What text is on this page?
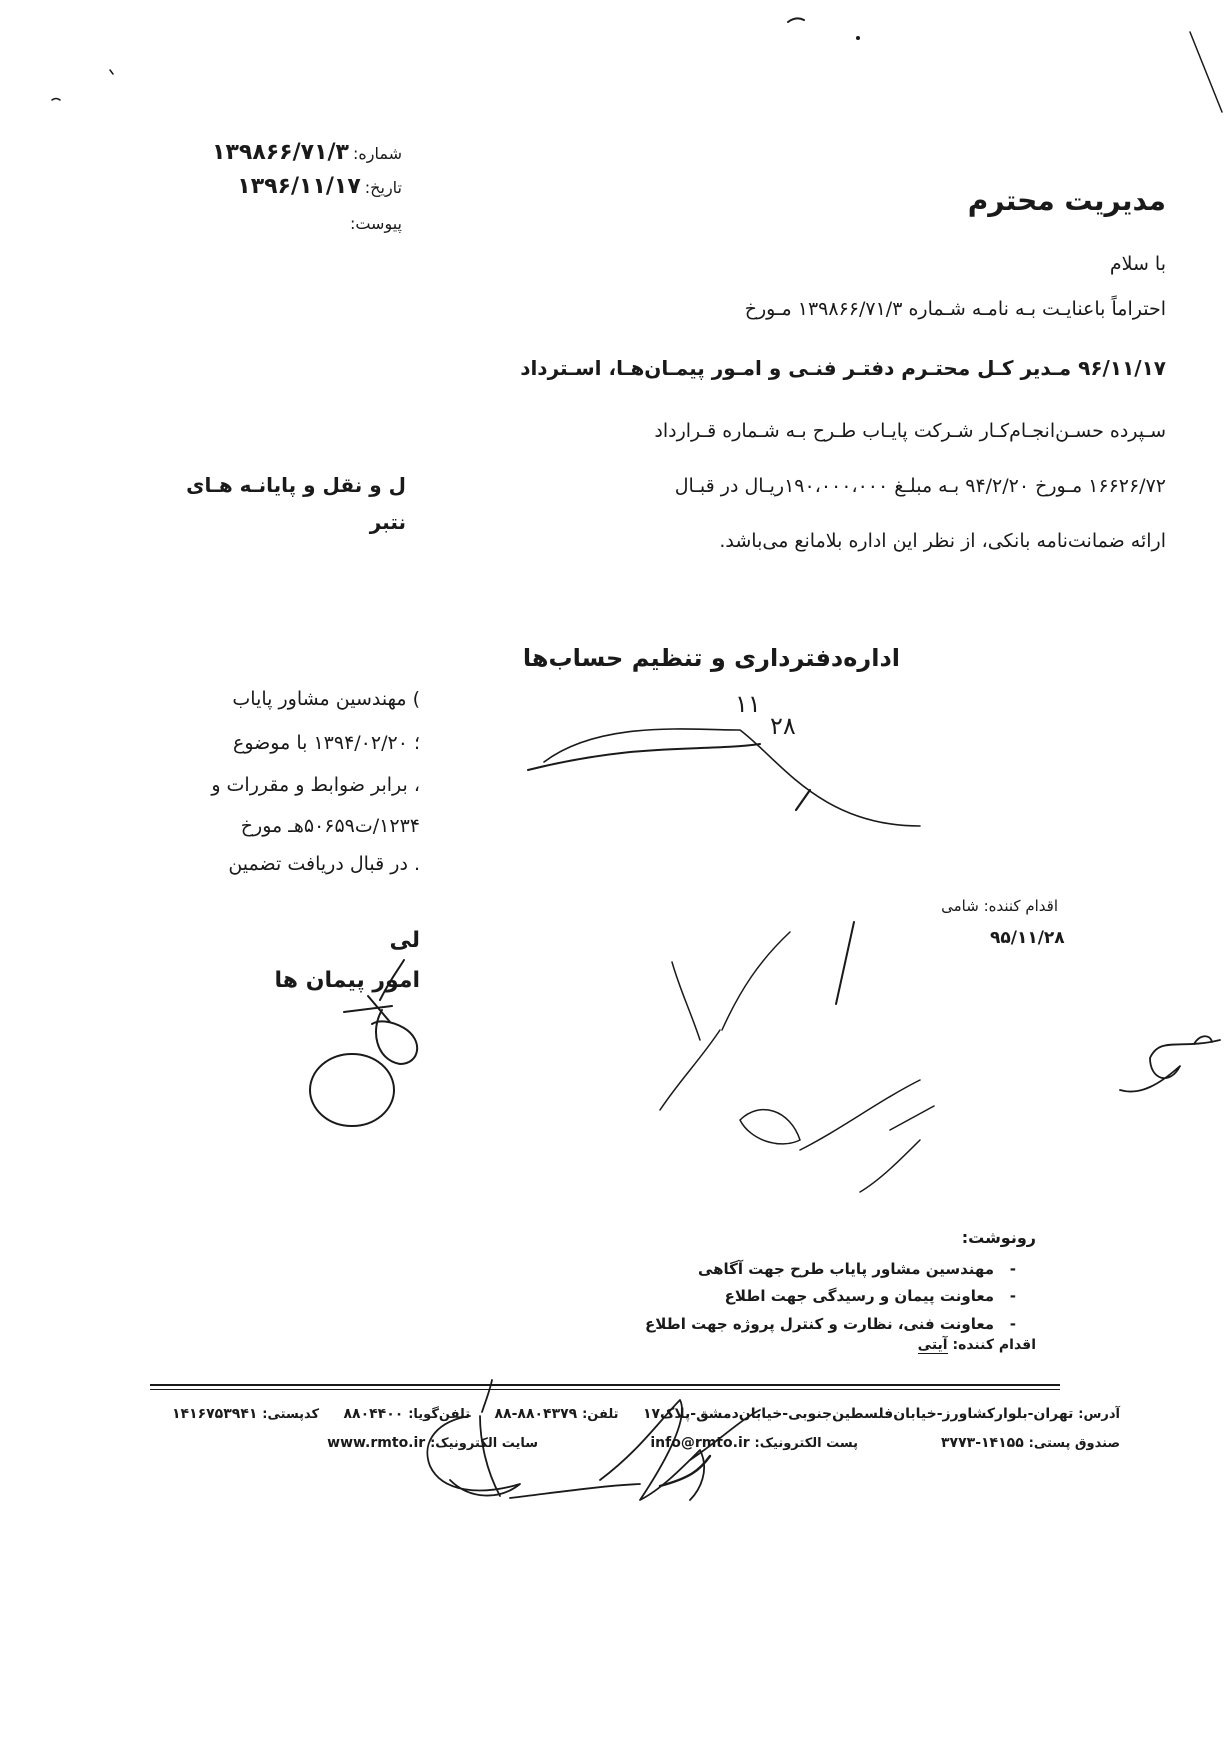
شماره:۱۳۹۸۶۶/۷۱/۳
تاریخ:۱۳۹۶/۱۱/۱۷
پیوست:
مدیریت محترم
با سلام
احتراماً باعنایـت بـه نامـه شـماره ۱۳۹۸۶۶/۷۱/۳ مـورخ
۹۶/۱۱/۱۷ مـدیر کـل محتـرم دفتـر فنـی و امـور پیمـان‌هـا، اسـترداد
سـپرده حسـن‌انجـام‌کـار شـرکت پایـاب طـرح بـه شـماره قـرارداد
۱۶۶۲۶/۷۲ مـورخ ۹۴/۲/۲۰ بـه مبلـغ ۱۹۰،۰۰۰،۰۰۰ریـال در قبـال
ارائه ضمانت‌نامه بانکی، از نظر این اداره بلامانع می‌باشد.
ل و نقل و پایانـه هـای
نتبر
) مهندسین مشاور پایاب
؛ ۱۳۹۴/۰۲/۲۰ با موضوع
، برابر ضوابط و مقررات و
۱۲۳۴/ت۵۰۶۵۹هـ مورخ
. در قبال دریافت تضمین
لی
امور پیمان ها
اداره‌دفترداری و تنظیم حساب‌ها
۱۱
۲۸
اقدام کننده: شامی
۹۵/۱۱/۲۸
رونوشت:
-   مهندسین مشاور پایاب طرح جهت آگاهی
-   معاونت پیمان و رسیدگی جهت اطلاع
-   معاونت فنی، نظارت و کنترل پروژه جهت اطلاع
اقدام کننده: آیتی
آدرس: تهران-بلوارکشاورز-خیابان‌فلسطین‌جنوبی-خیابان‌دمشق-پلاک۱۷     تلفن: ۸۸۰۴۳۷۹-۸۸     تلفن‌گویا: ۸۸۰۴۴۰۰     کدپستی: ۱۴۱۶۷۵۳۹۴۱
صندوق پستی: ۱۴۱۵۵-۳۷۷۳
پست الکترونیک: info@rmto.ir
سایت الکترونیک: www.rmto.ir
